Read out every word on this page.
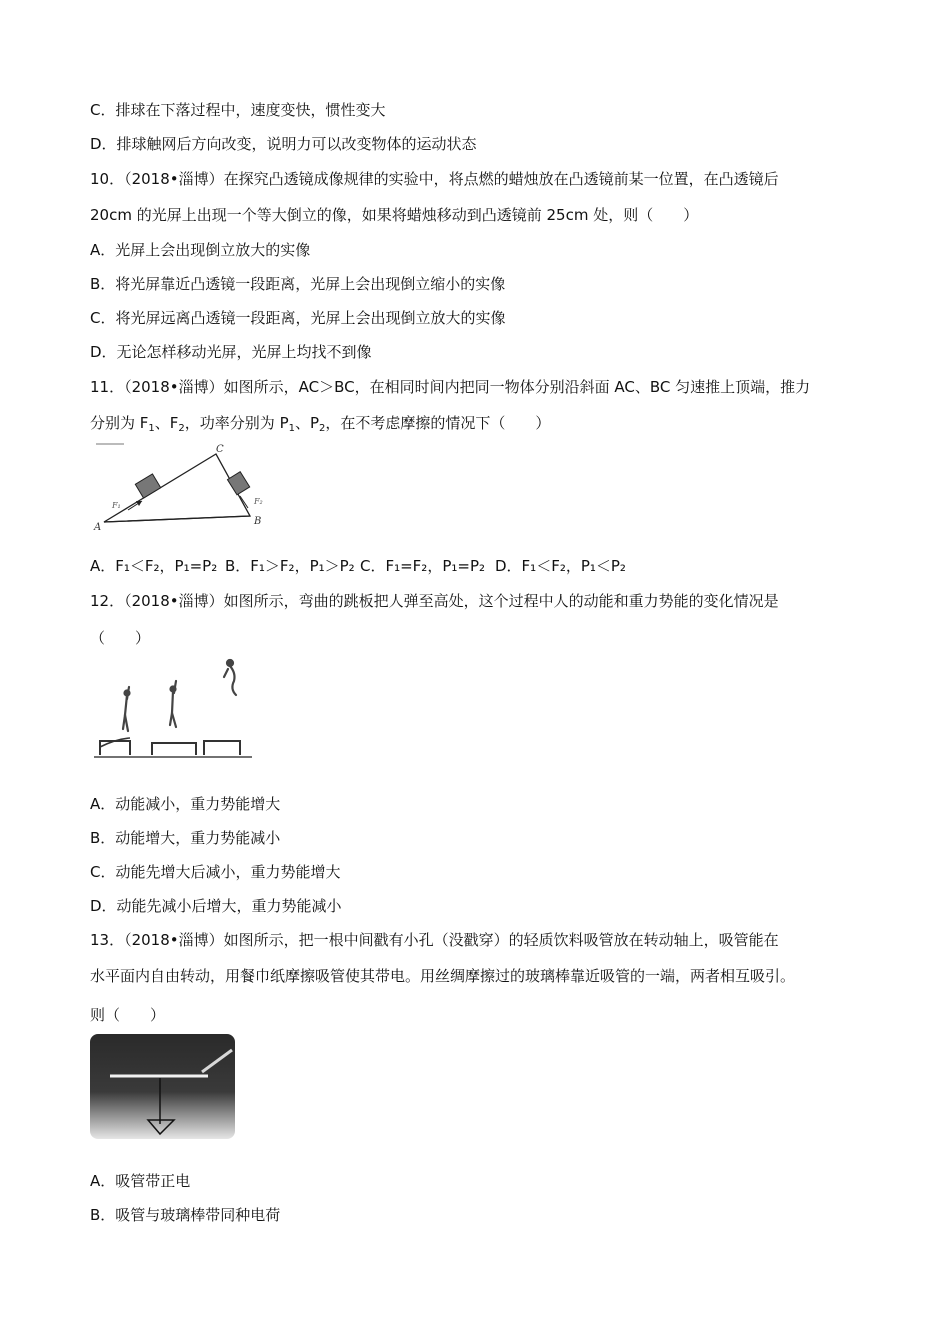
C．排球在下落过程中，速度变快，惯性变大
D．排球触网后方向改变，说明力可以改变物体的运动状态
10．（2018•淄博）在探究凸透镜成像规律的实验中，将点燃的蜡烛放在凸透镜前某一位置，在凸透镜后
20cm 的光屏上出现一个等大倒立的像，如果将蜡烛移动到凸透镜前 25cm 处，则（　　）
A．光屏上会出现倒立放大的实像
B．将光屏靠近凸透镜一段距离，光屏上会出现倒立缩小的实像
C．将光屏远离凸透镜一段距离，光屏上会出现倒立放大的实像
D．无论怎样移动光屏，光屏上均找不到像
11．（2018•淄博）如图所示，AC＞BC，在相同时间内把同一物体分别沿斜面 AC、BC 匀速推上顶端，推力
分别为 $F_1$、$F_2$，功率分别为 $P_1$、$P_2$，在不考虑摩擦的情况下（　　）
A
C
B
F₁	F₂
A．F₁＜F₂，P₁=P₂ B．F₁＞F₂，P₁＞P₂ C．F₁=F₂，P₁=P₂ D．F₁＜F₂，P₁＜P₂
12．（2018•淄博）如图所示，弯曲的跳板把人弹至高处，这个过程中人的动能和重力势能的变化情况是
（　　）
A．动能减小，重力势能增大
B．动能增大，重力势能减小
C．动能先增大后减小，重力势能增大
D．动能先减小后增大，重力势能减小
13．（2018•淄博）如图所示，把一根中间戳有小孔（没戳穿）的轻质饮料吸管放在转动轴上，吸管能在
水平面内自由转动，用餐巾纸摩擦吸管使其带电。用丝绸摩擦过的玻璃棒靠近吸管的一端，两者相互吸引。
则（　　）
A．吸管带正电
B．吸管与玻璃棒带同种电荷
